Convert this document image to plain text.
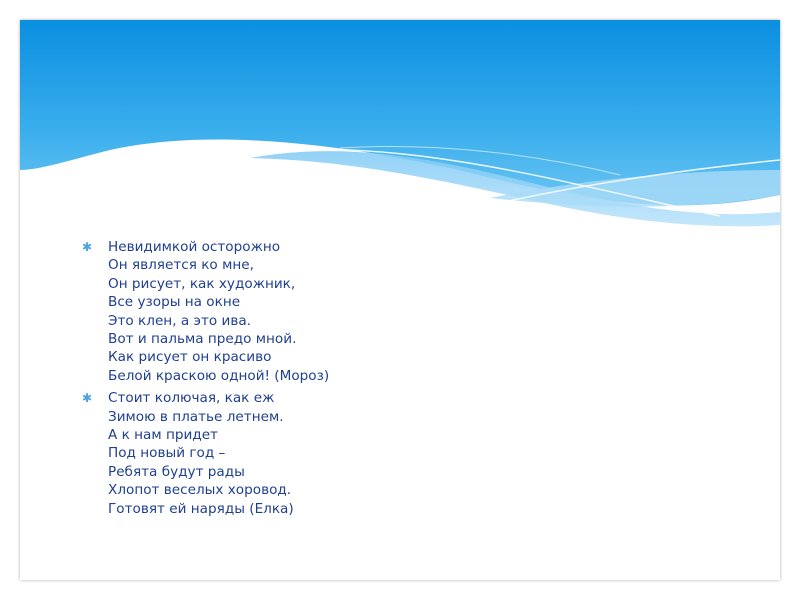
✱ Невидимкой осторожно
Он является ко мне,
Он рисует, как художник,
Все узоры на окне
Это клен, а это ива.
Вот и пальма предо мной.
Как рисует он красиво
Белой краскою одной! (Мороз)
✱ Стоит колючая, как еж
Зимою в платье летнем.
А к нам придет
Под новый год –
Ребята будут рады
Хлопот веселых хоровод.
Готовят ей наряды (Елка)
